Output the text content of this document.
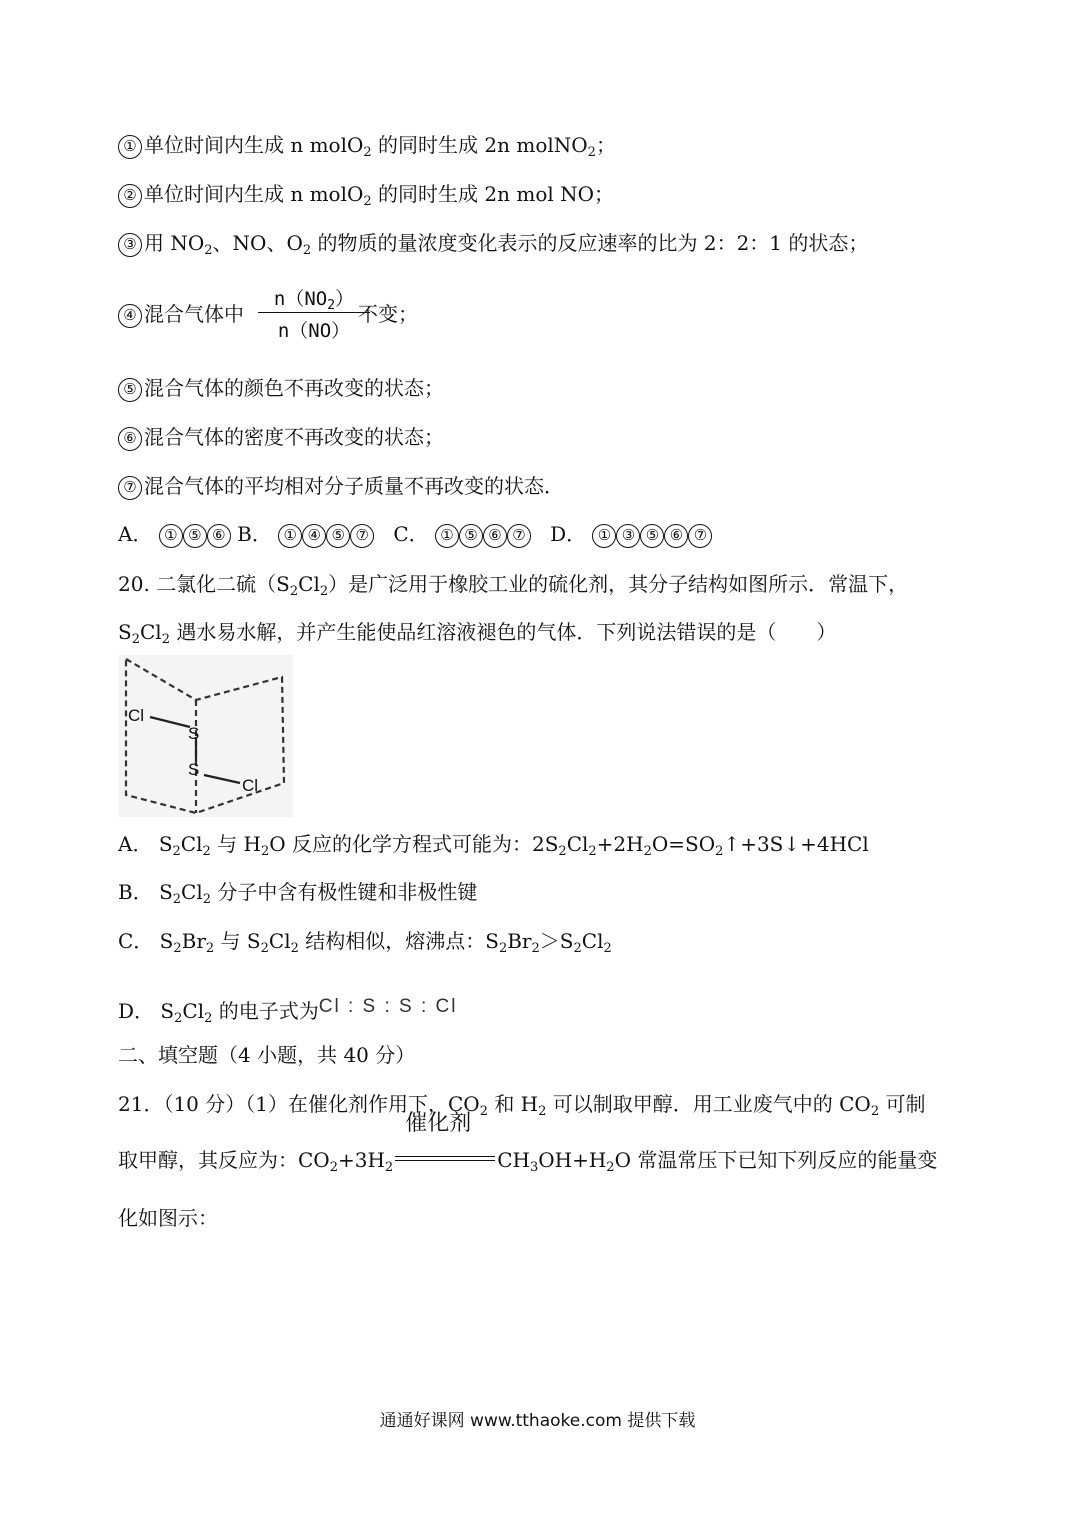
① 单位时间内生成 n molO$_2$ 的同时生成 2n molNO$_2$；
② 单位时间内生成 n molO$_2$ 的同时生成 2n mol NO；
③ 用 $NO_2$、NO、$O_2$ 的物质的量浓度变化表示的反应速率的比为 2：2：1 的状态；
④ 混合气体中	不变；
$\frac{n(NO_2)}{n(NO)}$
⑤ 混合气体的颜色不再改变的状态；
⑥ 混合气体的密度不再改变的状态；
⑦ 混合气体的平均相对分子质量不再改变的状态．
A． ① ⑤ ⑥ B． ① ④ ⑤ ⑦ C． ① ⑤ ⑥ ⑦ D． ① ③ ⑤ ⑥ ⑦
20. 二氯化二硫$(S_2Cl_2)$是广泛用于橡胶工业的硫化剂，其分子结构如图所示．常温下，
$S_2Cl_2$ 遇水易水解，并产生能使品红溶液褪色的气体．下列说法错误的是（　　）
Cl
S
S
Cl
A． $S_2Cl_2$ 与 $H_2O$ 反应的化学方程式可能为：$2S_2Cl_2+2H_2O=SO_2↑+3S↓+4HCl$
B． $S_2Cl_2$ 分子中含有极性键和非极性键
C． $S_2Br_2$ 与 $S_2Cl_2$ 结构相似，熔沸点：$S_2Br_2>S_2Cl_2$
D． $S_2Cl_2$ 的电子式为Cl : S : S : Cl
二、填空题（4 小题，共 40 分）
21．（10 分）（1）在催化剂作用下，$CO_2$ 和 $H_2$ 可以制取甲醇．用工业废气中的 $CO_2$ 可制
取甲醇，其反应为：$CO_2+3H_2$
催化剂
$CH_3OH+H_2O$ 常温常压下已知下列反应的能量变
化如图示：
通通好课网 www.tthaoke.com 提供下载
